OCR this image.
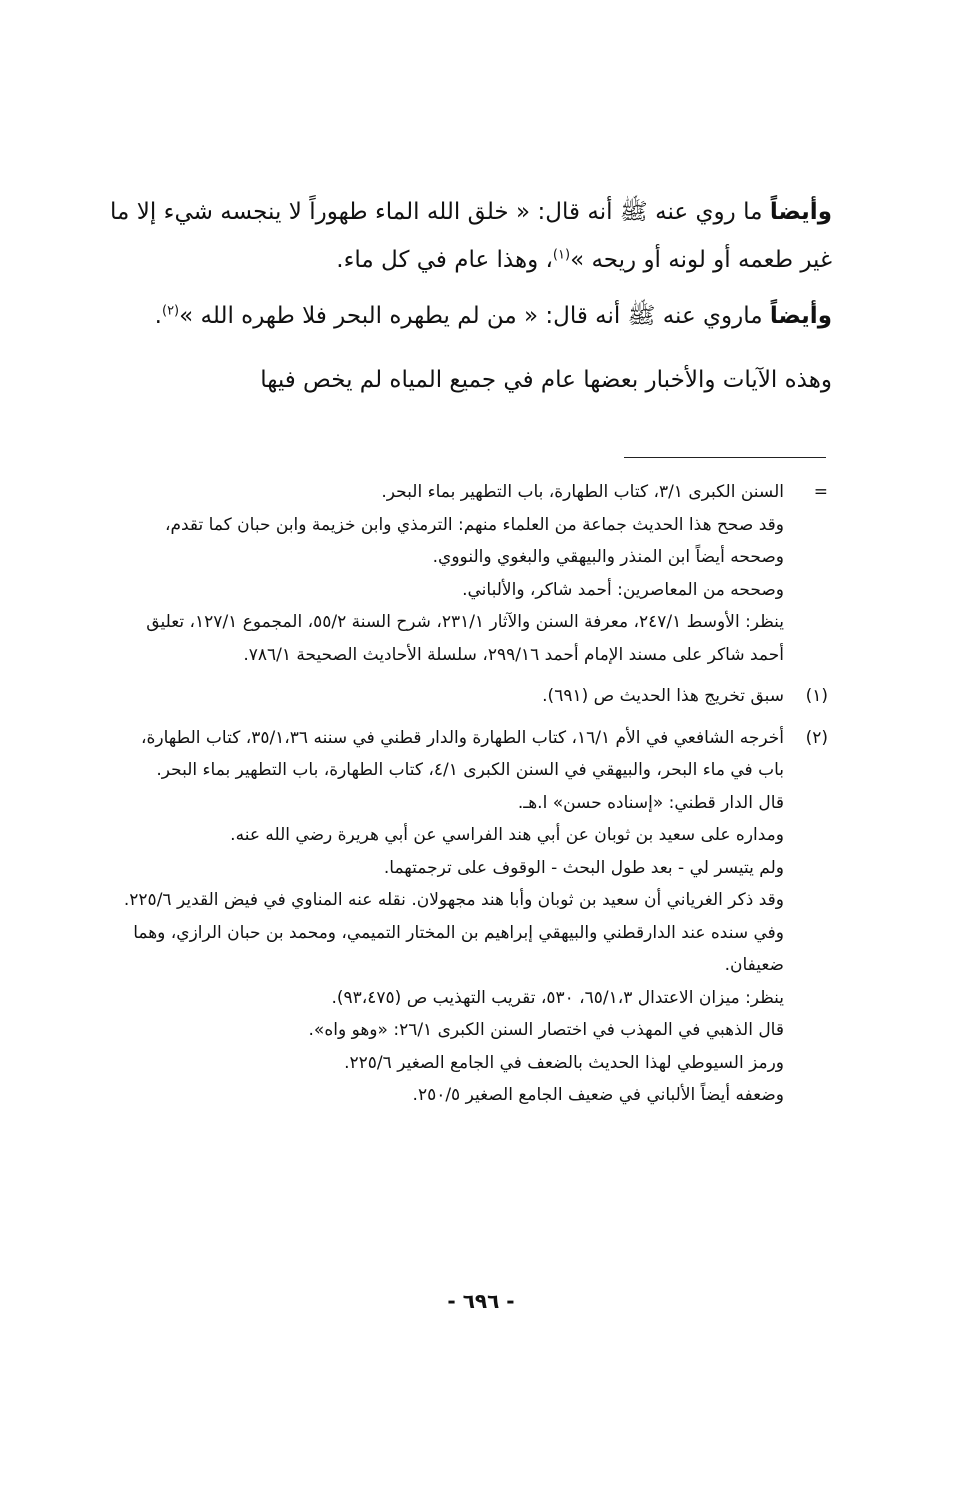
وأيضاً ما روي عنه ﷺ أنه قال: « خلق الله الماء طهوراً لا ينجسه شيء إلا ما غير طعمه أو لونه أو ريحه »$^{(١)}$، وهذا عام في كل ماء.

وأيضاً ماروي عنه ﷺ أنه قال: « من لم يطهره البحر فلا طهره الله »$^{(٢)}$.

وهذه الآيات والأخبار بعضها عام في جميع المياه لم يخص فيها

=
السنن الكبرى ٣/١، كتاب الطهارة، باب التطهير بماء البحر.
وقد صحح هذا الحديث جماعة من العلماء منهم: الترمذي وابن خزيمة وابن حبان كما تقدم، وصححه أيضاً ابن المنذر والبيهقي والبغوي والنووي.
وصححه من المعاصرين: أحمد شاكر، والألباني.
ينظر: الأوسط ٢٤٧/١، معرفة السنن والآثار ٢٣١/١، شرح السنة ٥٥/٢، المجموع ١٢٧/١، تعليق أحمد شاكر على مسند الإمام أحمد ٢٩٩/١٦، سلسلة الأحاديث الصحيحة ٧٨٦/١.
(١)
سبق تخريج هذا الحديث ص (٦٩١).
(٢)
أخرجه الشافعي في الأم ١٦/١، كتاب الطهارة والدار قطني في سننه ٣٥/١،٣٦، كتاب الطهارة، باب في ماء البحر، والبيهقي في السنن الكبرى ٤/١، كتاب الطهارة، باب التطهير بماء البحر.
قال الدار قطني: «إسناده حسن» ا.هـ.
ومداره على سعيد بن ثوبان عن أبي هند الفراسي عن أبي هريرة رضي الله عنه.
ولم يتيسر لي - بعد طول البحث - الوقوف على ترجمتهما.
وقد ذكر الغرياني أن سعيد بن ثوبان وأبا هند مجهولان. نقله عنه المناوي في فيض القدير ٢٢٥/٦.
وفي سنده عند الدارقطني والبيهقي إبراهيم بن المختار التميمي، ومحمد بن حبان الرازي، وهما ضعيفان.
ينظر: ميزان الاعتدال ٦٥/١،٣، ٥٣٠، تقريب التهذيب ص (٩٣،٤٧٥).
قال الذهبي في المهذب في اختصار السنن الكبرى ٢٦/١: «وهو واه».
ورمز السيوطي لهذا الحديث بالضعف في الجامع الصغير ٢٢٥/٦.
وضعفه أيضاً الألباني في ضعيف الجامع الصغير ٢٥٠/٥.
- ٦٩٦ -
